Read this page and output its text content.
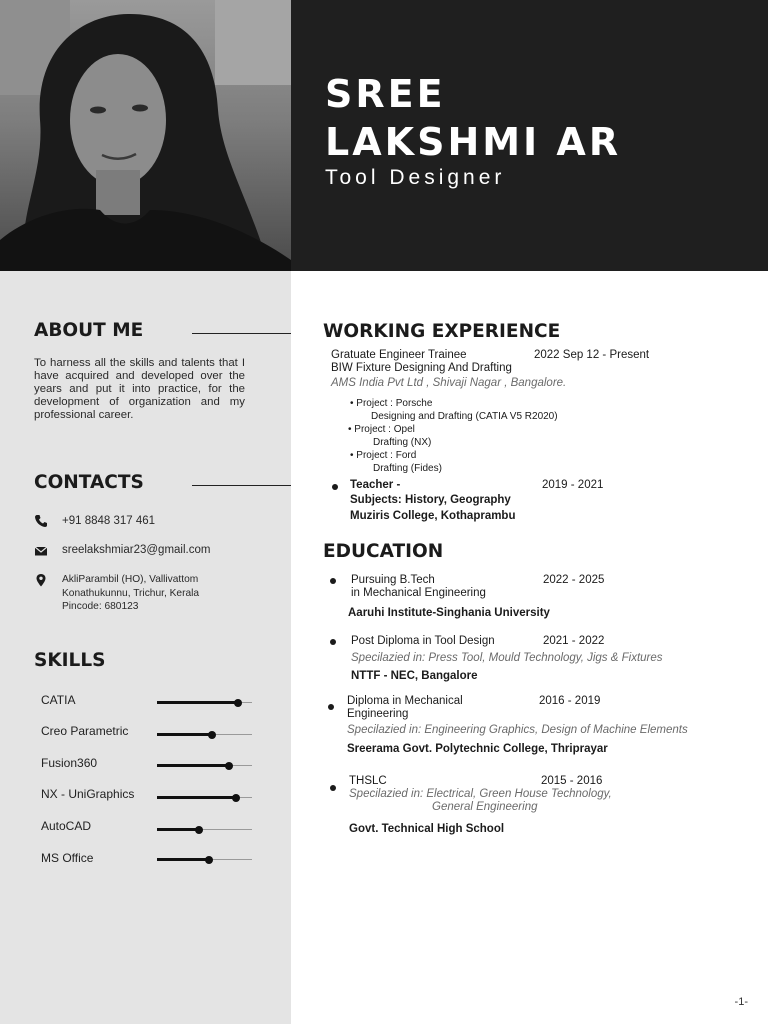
SREE
LAKSHMI AR
Tool Designer
ABOUT ME
To harness all the skills and talents that I have acquired and developed over the years and put it into practice, for the development of organization and my professional career.
CONTACTS
+91 8848 317 461
sreelakshmiar23@gmail.com
AkliParambil (HO), Vallivattom
Konathukunnu, Trichur, Kerala
Pincode: 680123
SKILLS
CATIA
Creo Parametric
Fusion360
NX - UniGraphics
AutoCAD
MS Office
WORKING EXPERIENCE
Gratuate Engineer Trainee	2022 Sep 12 - Present
BIW Fixture Designing And Drafting
AMS India Pvt Ltd , Shivaji Nagar , Bangalore.
• Project : Porsche
Designing and Drafting (CATIA V5 R2020)
• Project : Opel
Drafting (NX)
• Project : Ford
Drafting (Fides)
Teacher -	2019 - 2021
Subjects: History, Geography
Muziris College, Kothaprambu
EDUCATION
Pursuing B.Tech	2022 - 2025
in Mechanical Engineering
Aaruhi Institute-Singhania University
Post Diploma in Tool Design	2021 - 2022
Specilazied in: Press Tool, Mould Technology, Jigs & Fixtures
NTTF - NEC, Bangalore
Diploma in Mechanical	2016 - 2019
Engineering
Specilazied in: Engineering Graphics, Design of Machine Elements
Sreerama Govt. Polytechnic College, Thriprayar
THSLC	2015 - 2016
Specilazied in: Electrical, Green House Technology,
General Engineering
Govt. Technical High School
-1-
